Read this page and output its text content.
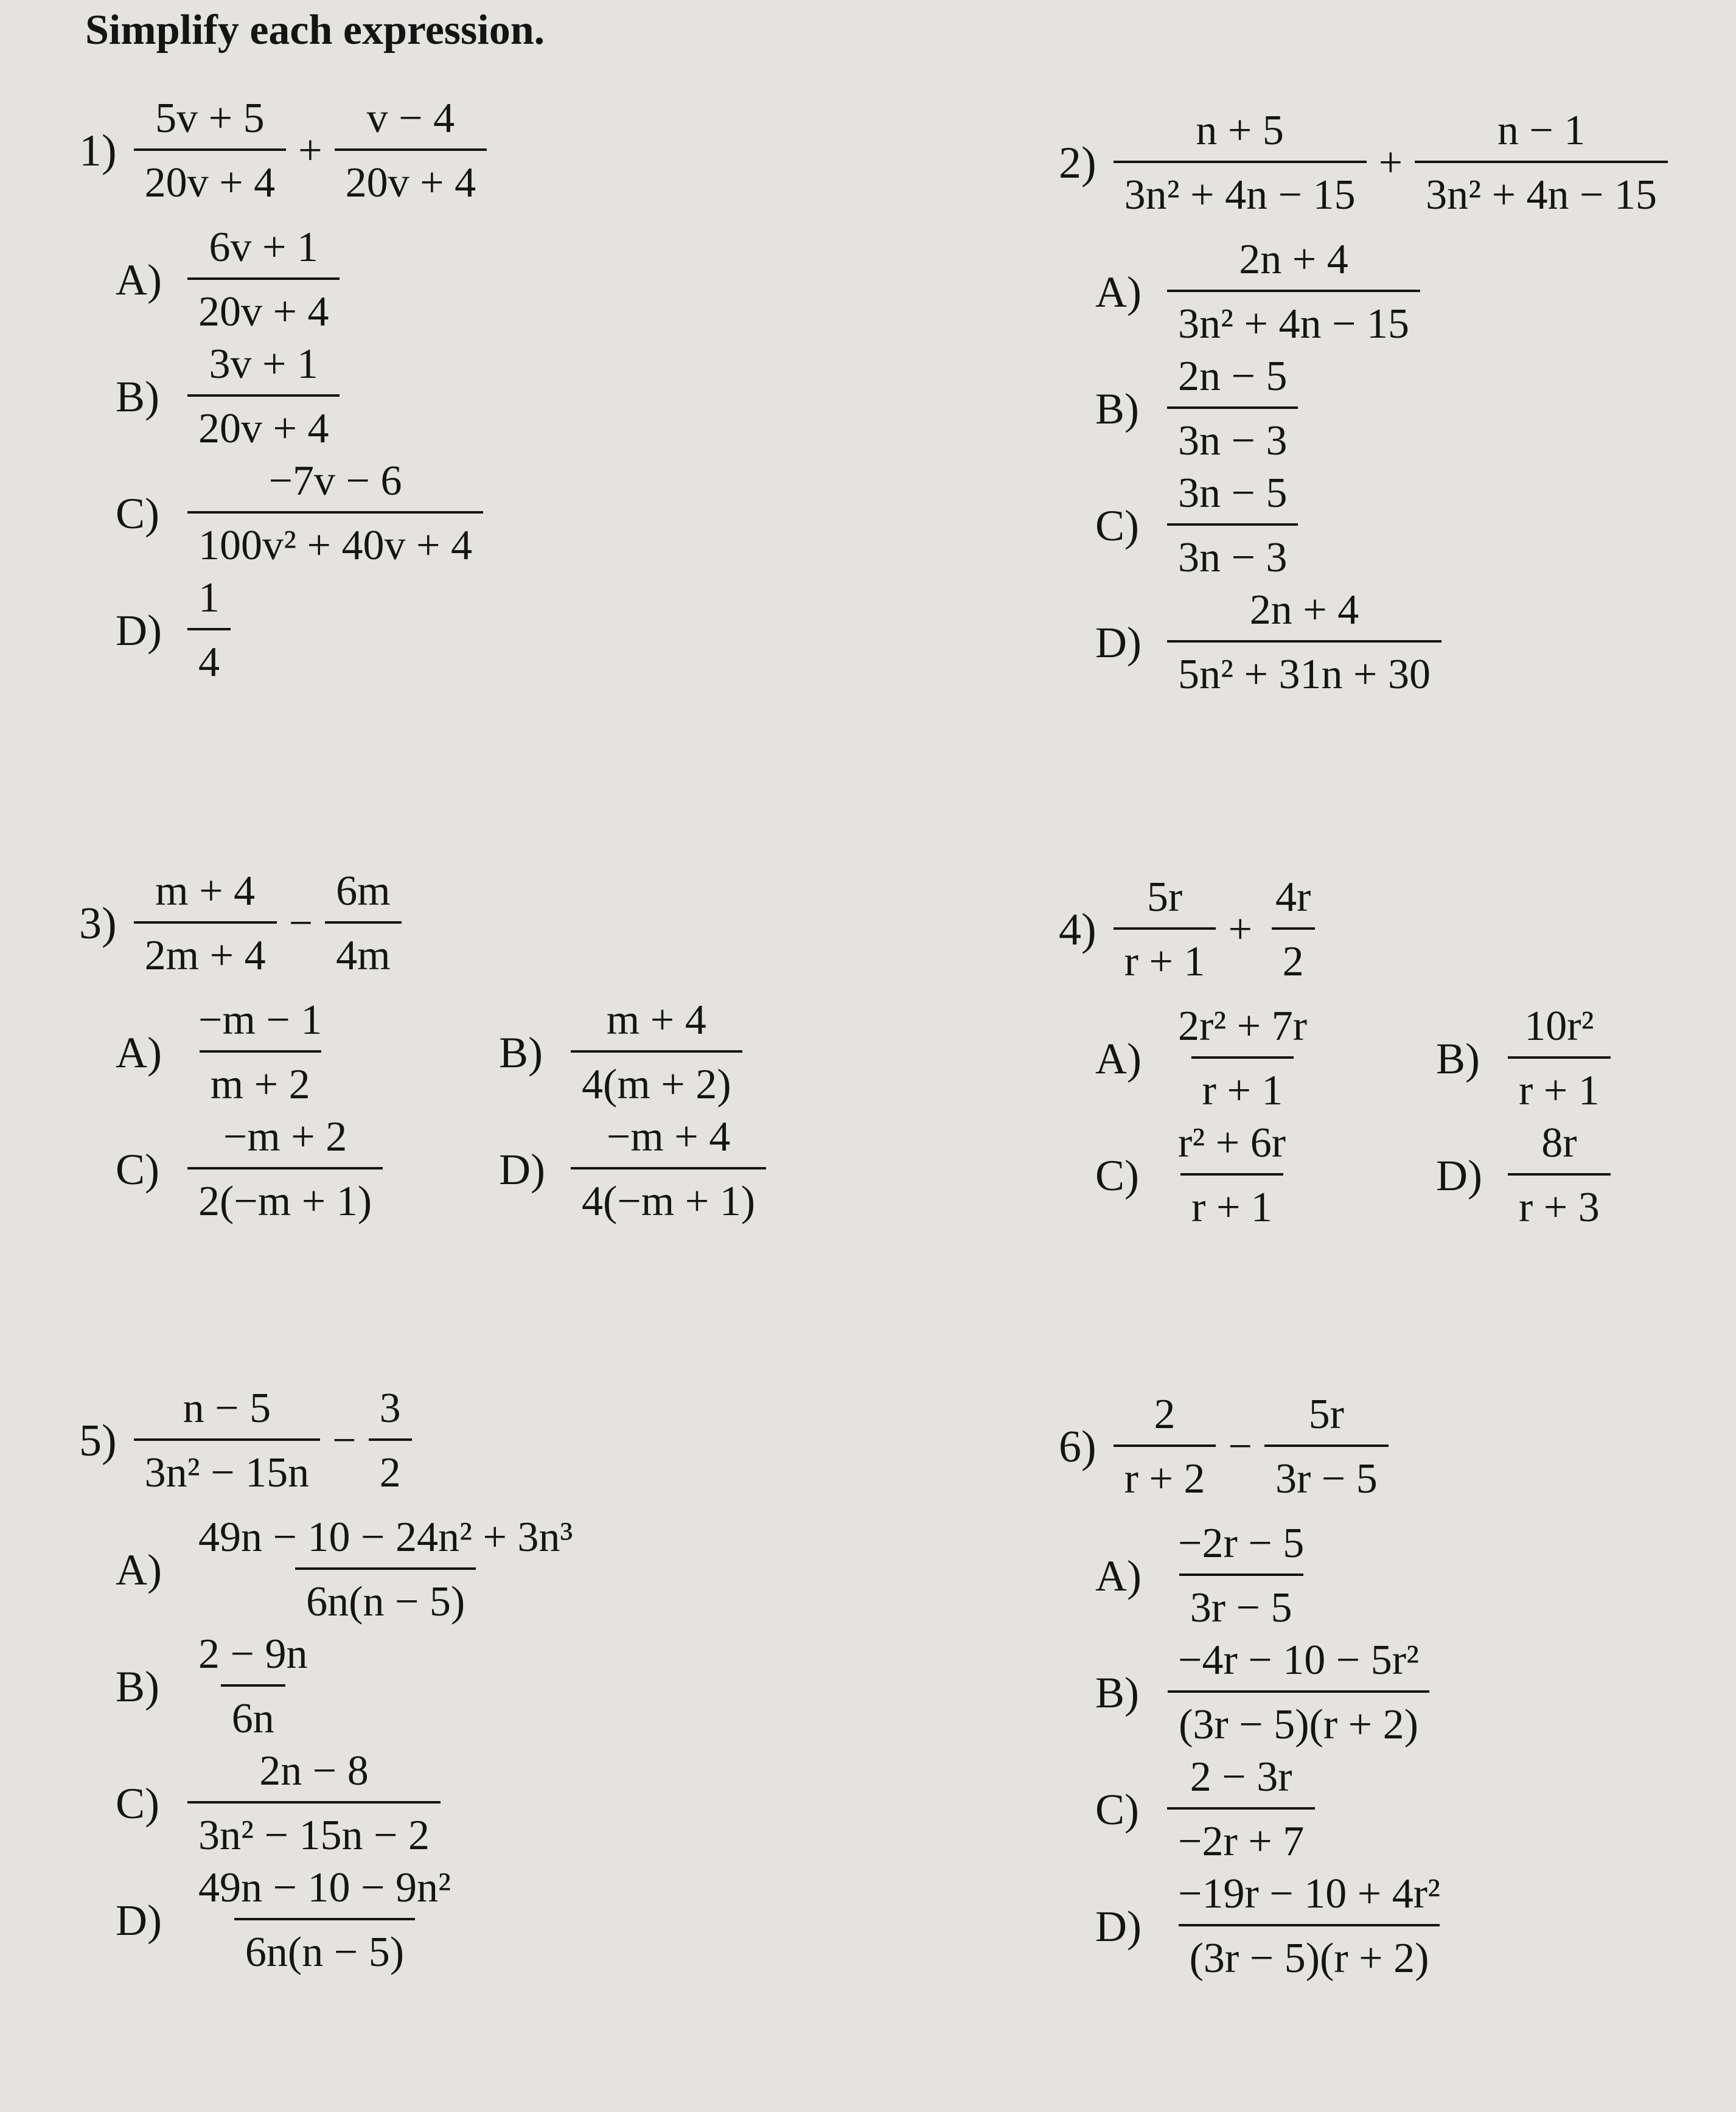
Simplify each expression.
$1) \frac{5v + 5}{20v + 4} + \frac{v - 4}{20v + 4}$
$A) \frac{6v + 1}{20v + 4}$
$B) \frac{3v + 1}{20v + 4}$
$C) \frac{-7v - 6}{\text{100v² + 40v + 4}}$
$D) \frac{1}{4}$
$2) \frac{n + 5}{\text{3n² + 4n − 15}} + \frac{n - 1}{\text{3n² + 4n − 15}}$
$A) \frac{2n + 4}{\text{3n² + 4n − 15}}$
$B) \frac{2n - 5}{3n - 3}$
$C) \frac{3n - 5}{3n - 3}$
$D) \frac{2n + 4}{\text{5n² + 31n + 30}}$
$3) \frac{m + 4}{2m + 4} - \frac{6m}{4m}$
$A) \frac{-m - 1}{m + 2}$	$B) \frac{m + 4}{4(m + 2)}$
$C) \frac{-m + 2}{2(-m + 1)}$	$D) \frac{-m + 4}{4(-m + 1)}$
$4) \frac{5r}{r + 1} + \frac{4r}{2}$
$A) \frac{\text{2r² + 7r}}{r + 1}$	$B) \frac{\text{10r²}}{r + 1}$
$C) \frac{\text{r² + 6r}}{r + 1}$	$D) \frac{8r}{r + 3}$
$5) \frac{n - 5}{\text{3n² − 15n}} - \frac{3}{2}$
$A) \frac{\text{49n − 10 − 24n² + 3n³}}{6n(n - 5)}$
$B) \frac{2 - 9n}{6n}$
$C) \frac{2n - 8}{\text{3n² − 15n − 2}}$
$D) \frac{\text{49n − 10 − 9n²}}{6n(n - 5)}$
$6) \frac{2}{r + 2} - \frac{5r}{3r - 5}$
$A) \frac{-2r - 5}{3r - 5}$
$B) \frac{\text{−4r − 10 − 5r²}}{(3r - 5)(r + 2)}$
$C) \frac{2 - 3r}{-2r + 7}$
$D) \frac{\text{−19r − 10 + 4r²}}{(3r - 5)(r + 2)}$
